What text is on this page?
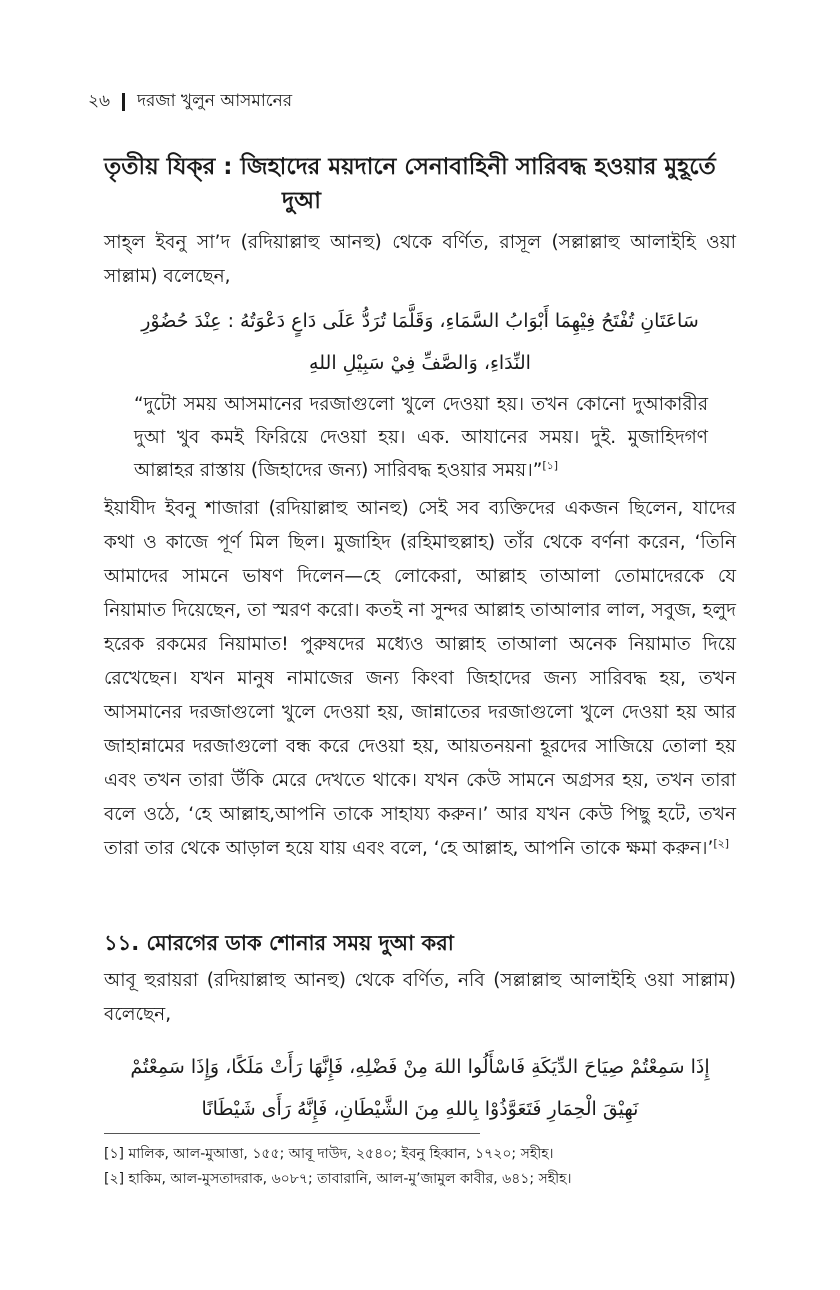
২৬ দরজা খুলুন আসমানের
তৃতীয় যিক্‌র : জিহাদের ময়দানে সেনাবাহিনী সারিবদ্ধ হওয়ার মুহূর্তে
দুআ
সাহ্‌ল ইবনু সা’দ (রদিয়াল্লাহু আনহু) থেকে বর্ণিত, রাসূল (সল্লাল্লাহু আলাইহি ওয়া সাল্লাম) বলেছেন,
سَاعَتَانِ تُفْتَحُ فِيْهِمَا أَبْوَابُ السَّمَاءِ، وَقَلَّمَا تُرَدُّ عَلَى دَاعٍ دَعْوَتُهُ : عِنْدَ حُضُوْرِ
النِّدَاءِ، وَالصَّفِّ فِيْ سَبِيْلِ اللهِ
“দুটো সময় আসমানের দরজাগুলো খুলে দেওয়া হয়। তখন কোনো দুআকারীর দুআ খুব কমই ফিরিয়ে দেওয়া হয়। এক. আযানের সময়। দুই. মুজাহিদগণ আল্লাহর রাস্তায় (জিহাদের জন্য) সারিবদ্ধ হওয়ার সময়।”[১]
ইয়াযীদ ইবনু শাজারা (রদিয়াল্লাহু আনহু) সেই সব ব্যক্তিদের একজন ছিলেন, যাদের কথা ও কাজে পূর্ণ মিল ছিল। মুজাহিদ (রহিমাহুল্লাহ) তাঁর থেকে বর্ণনা করেন, ‘তিনি আমাদের সামনে ভাষণ দিলেন—হে লোকেরা, আল্লাহ তাআলা তোমাদেরকে যে নিয়ামাত দিয়েছেন, তা স্মরণ করো। কতই না সুন্দর আল্লাহ তাআলার লাল, সবুজ, হলুদ হরেক রকমের নিয়ামাত! পুরুষদের মধ্যেও আল্লাহ তাআলা অনেক নিয়ামাত দিয়ে রেখেছেন। যখন মানুষ নামাজের জন্য কিংবা জিহাদের জন্য সারিবদ্ধ হয়, তখন আসমানের দরজাগুলো খুলে দেওয়া হয়, জান্নাতের দরজাগুলো খুলে দেওয়া হয় আর জাহান্নামের দরজাগুলো বন্ধ করে দেওয়া হয়, আয়তনয়না হূরদের সাজিয়ে তোলা হয় এবং তখন তারা উঁকি মেরে দেখতে থাকে। যখন কেউ সামনে অগ্রসর হয়, তখন তারা বলে ওঠে, ‘হে আল্লাহ,আপনি তাকে সাহায্য করুন।’ আর যখন কেউ পিছু হটে, তখন তারা তার থেকে আড়াল হয়ে যায় এবং বলে, ‘হে আল্লাহ, আপনি তাকে ক্ষমা করুন।’[২]
১১. মোরগের ডাক শোনার সময় দুআ করা
আবূ হুরায়রা (রদিয়াল্লাহু আনহু) থেকে বর্ণিত, নবি (সল্লাল্লাহু আলাইহি ওয়া সাল্লাম) বলেছেন,
إِذَا سَمِعْتُمْ صِيَاحَ الدِّيَكَةِ فَاسْأَلُوا اللهَ مِنْ فَضْلِهِ، فَإِنَّهَا رَأَتْ مَلَكًا، وَإِذَا سَمِعْتُمْ
نَهِيْقَ الْحِمَارِ فَتَعَوَّذُوْا بِاللهِ مِنَ الشَّيْطَانِ، فَإِنَّهُ رَأَى شَيْطَانًا
[১] মালিক, আল-মুআত্তা, ১৫৫; আবূ দাউদ, ২৫৪০; ইবনু হিব্বান, ১৭২০; সহীহ।
[২] হাকিম, আল-মুসতাদরাক, ৬০৮৭; তাবারানি, আল-মু’জামুল কাবীর, ৬৪১; সহীহ।
